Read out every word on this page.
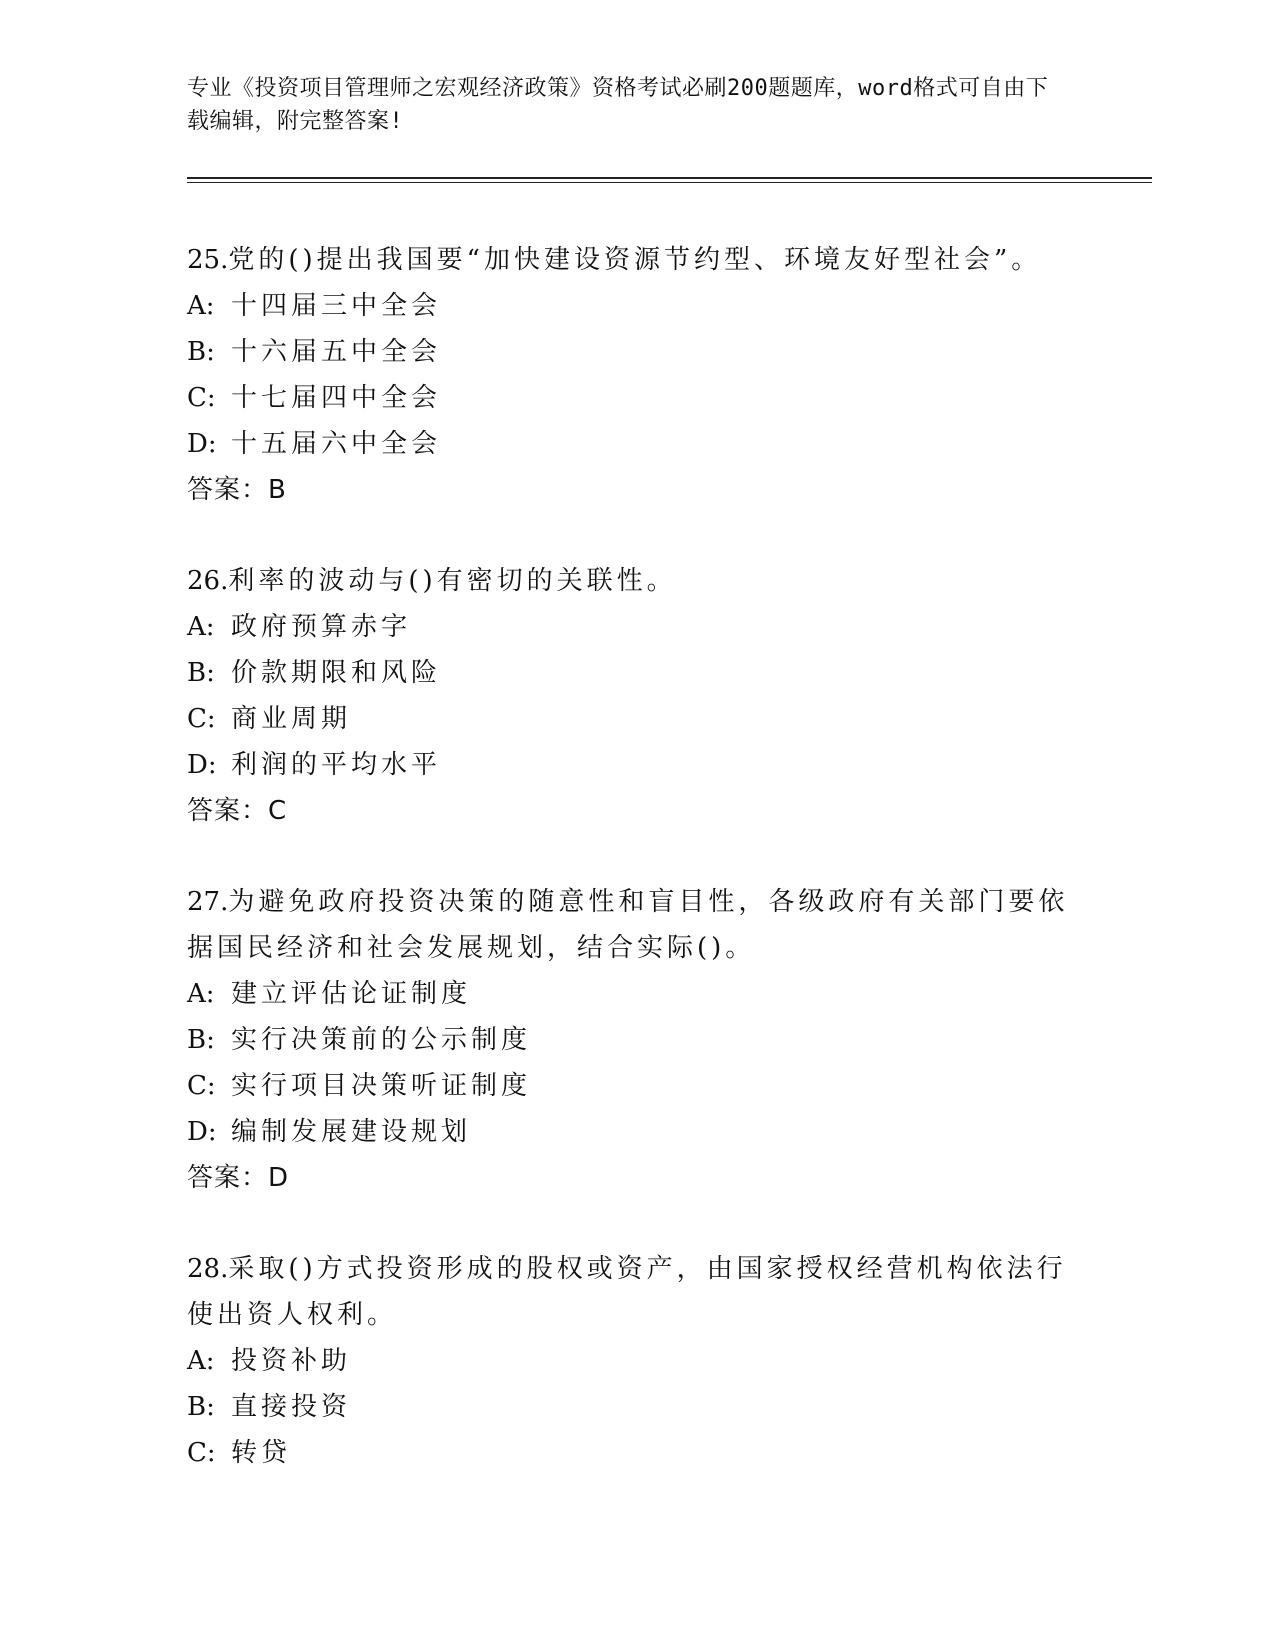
专业《投资项目管理师之宏观经济政策》资格考试必刷200题题库，word格式可自由下载编辑，附完整答案!
25.党的()提出我国要“加快建设资源节约型、环境友好型社会”。
A: 十四届三中全会
B: 十六届五中全会
C: 十七届四中全会
D: 十五届六中全会
答案：B
26.利率的波动与()有密切的关联性。
A: 政府预算赤字
B: 价款期限和风险
C: 商业周期
D: 利润的平均水平
答案：C
27.为避免政府投资决策的随意性和盲目性，各级政府有关部门要依据国民经济和社会发展规划，结合实际()。
A: 建立评估论证制度
B: 实行决策前的公示制度
C: 实行项目决策听证制度
D: 编制发展建设规划
答案：D
28.采取()方式投资形成的股权或资产，由国家授权经营机构依法行使出资人权利。
A: 投资补助
B: 直接投资
C: 转贷
